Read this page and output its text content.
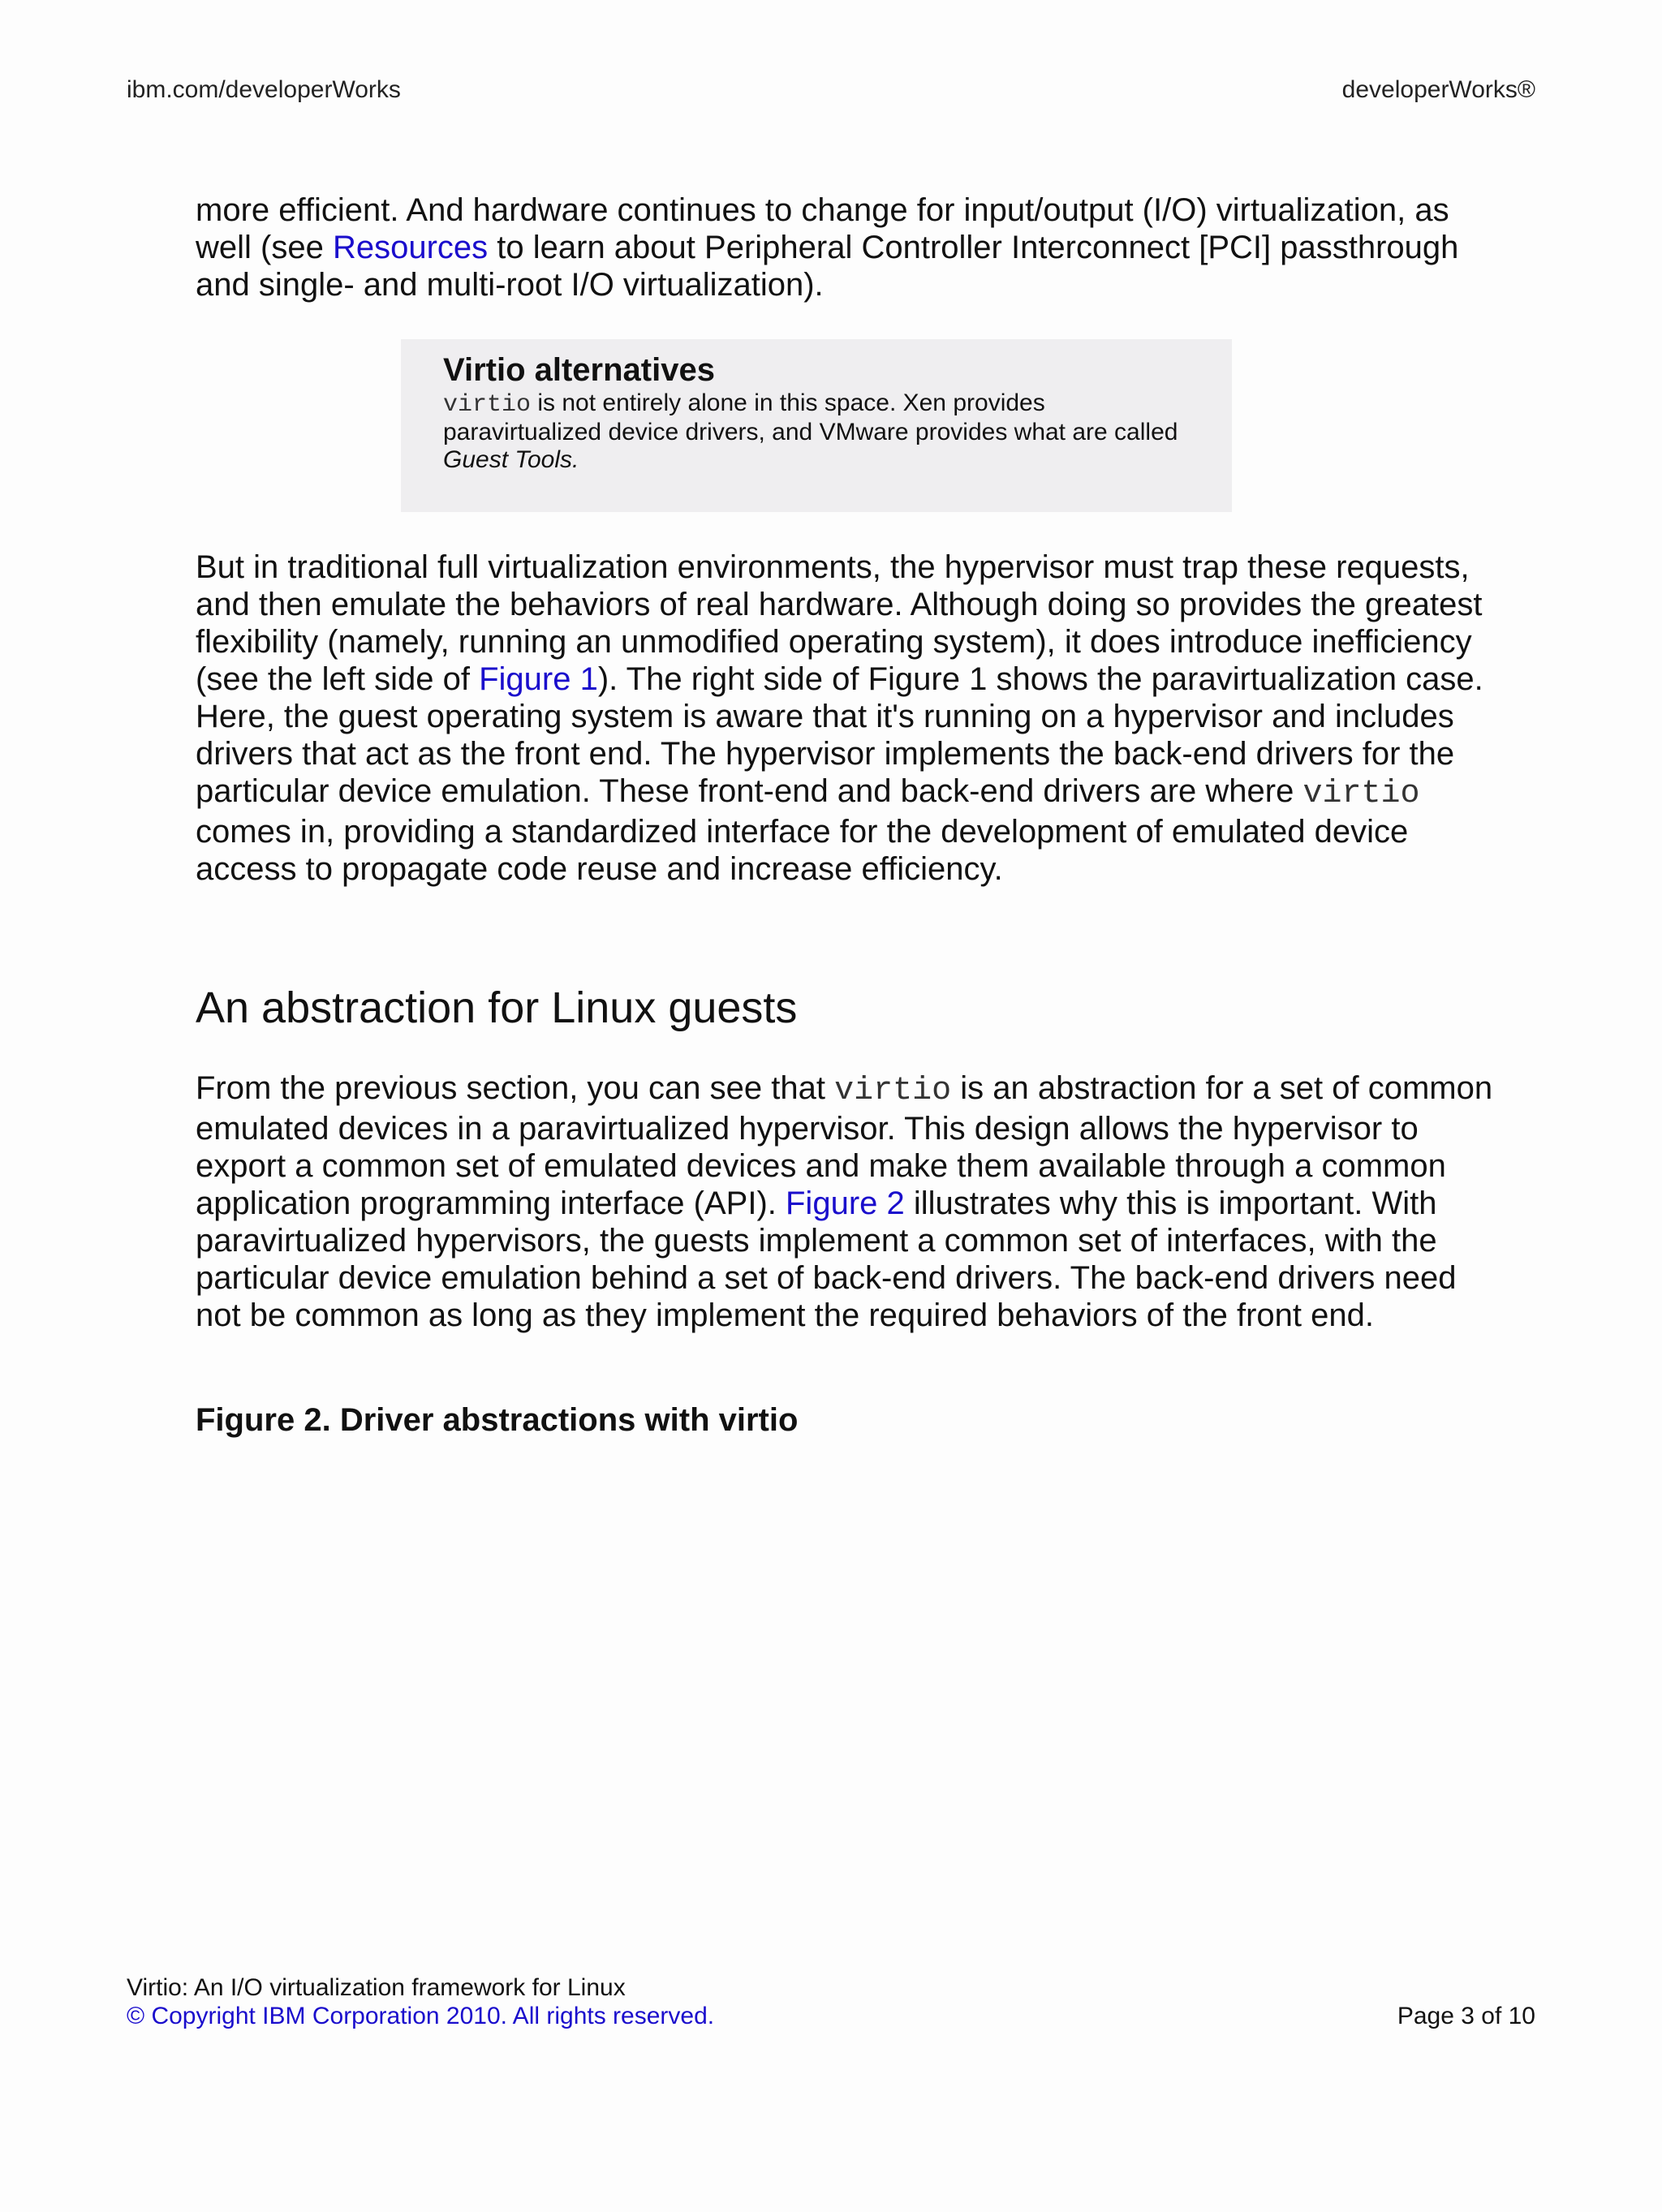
ibm.com/developerWorks	developerWorks®

more efficient. And hardware continues to change for input/output (I/O) virtualization, as well (see Resources to learn about Peripheral Controller Interconnect [PCI] passthrough and single- and multi-root I/O virtualization).

Virtio alternatives

virtio is not entirely alone in this space. Xen provides paravirtualized device drivers, and VMware provides what are called Guest Tools.

But in traditional full virtualization environments, the hypervisor must trap these requests, and then emulate the behaviors of real hardware. Although doing so provides the greatest flexibility (namely, running an unmodified operating system), it does introduce inefficiency (see the left side of Figure 1). The right side of Figure 1 shows the paravirtualization case. Here, the guest operating system is aware that it's running on a hypervisor and includes drivers that act as the front end. The hypervisor implements the back-end drivers for the particular device emulation. These front-end and back-end drivers are where virtio comes in, providing a standardized interface for the development of emulated device access to propagate code reuse and increase efficiency.

An abstraction for Linux guests

From the previous section, you can see that virtio is an abstraction for a set of common emulated devices in a paravirtualized hypervisor. This design allows the hypervisor to export a common set of emulated devices and make them available through a common application programming interface (API). Figure 2 illustrates why this is important. With paravirtualized hypervisors, the guests implement a common set of interfaces, with the particular device emulation behind a set of back-end drivers. The back-end drivers need not be common as long as they implement the required behaviors of the front end.

Figure 2. Driver abstractions with virtio

Virtio: An I/O virtualization framework for Linux
© Copyright IBM Corporation 2010. All rights reserved.	Page 3 of 10
